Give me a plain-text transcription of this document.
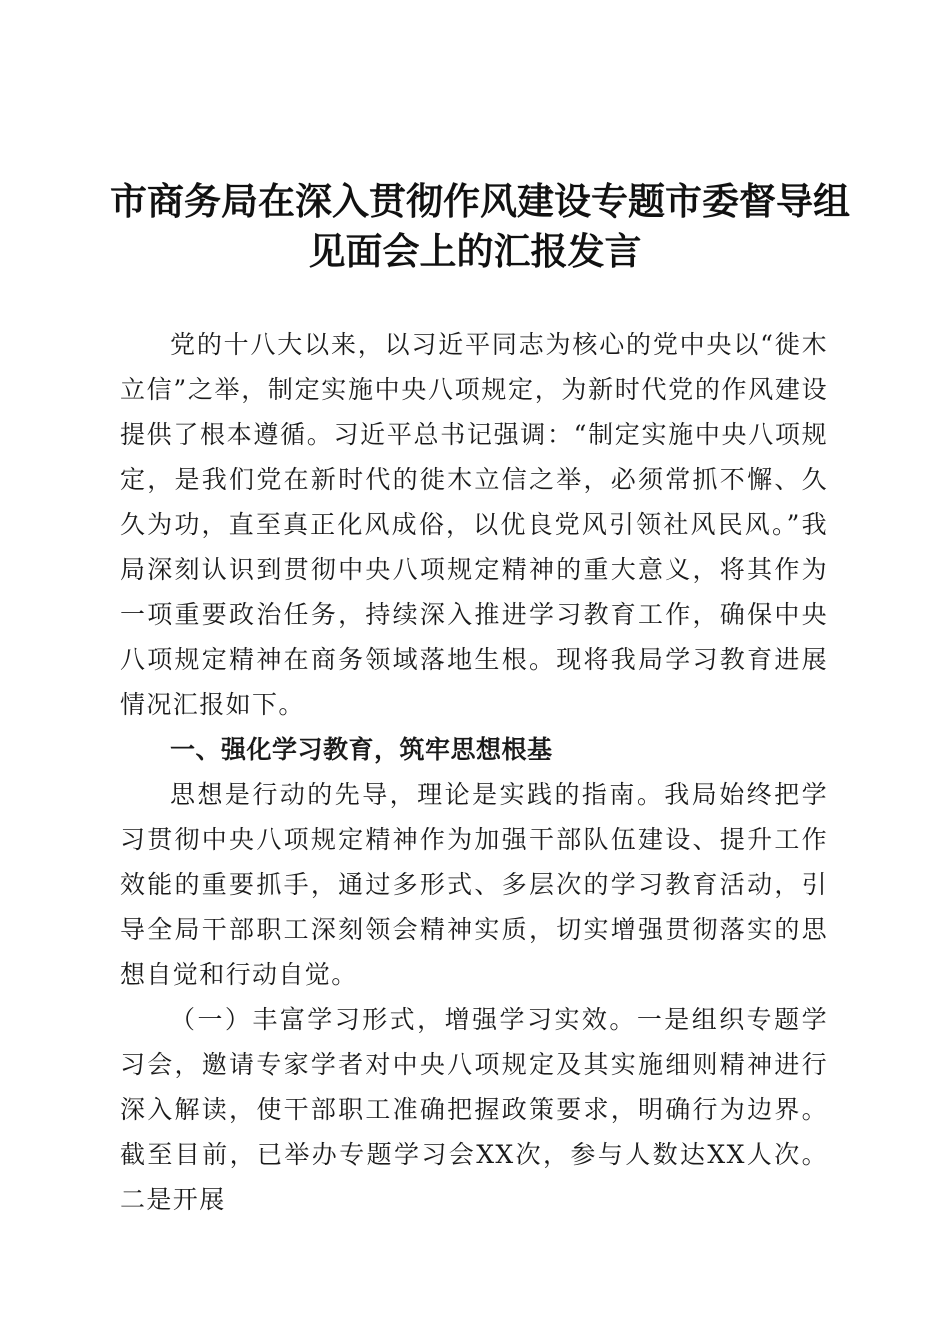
市商务局在深入贯彻作风建设专题市委督导组
见面会上的汇报发言

党的十八大以来，以习近平同志为核心的党中央以“徙木立信”之举，制定实施中央八项规定，为新时代党的作风建设提供了根本遵循。习近平总书记强调：“制定实施中央八项规定，是我们党在新时代的徙木立信之举，必须常抓不懈、久久为功，直至真正化风成俗，以优良党风引领社风民风。”我局深刻认识到贯彻中央八项规定精神的重大意义，将其作为一项重要政治任务，持续深入推进学习教育工作，确保中央八项规定精神在商务领域落地生根。现将我局学习教育进展情况汇报如下。

一、强化学习教育，筑牢思想根基

思想是行动的先导，理论是实践的指南。我局始终把学习贯彻中央八项规定精神作为加强干部队伍建设、提升工作效能的重要抓手，通过多形式、多层次的学习教育活动，引导全局干部职工深刻领会精神实质，切实增强贯彻落实的思想自觉和行动自觉。

（一）丰富学习形式，增强学习实效。一是组织专题学习会，邀请专家学者对中央八项规定及其实施细则精神进行深入解读，使干部职工准确把握政策要求，明确行为边界。截至目前，已举办专题学习会XX次，参与人数达XX人次。二是开展
